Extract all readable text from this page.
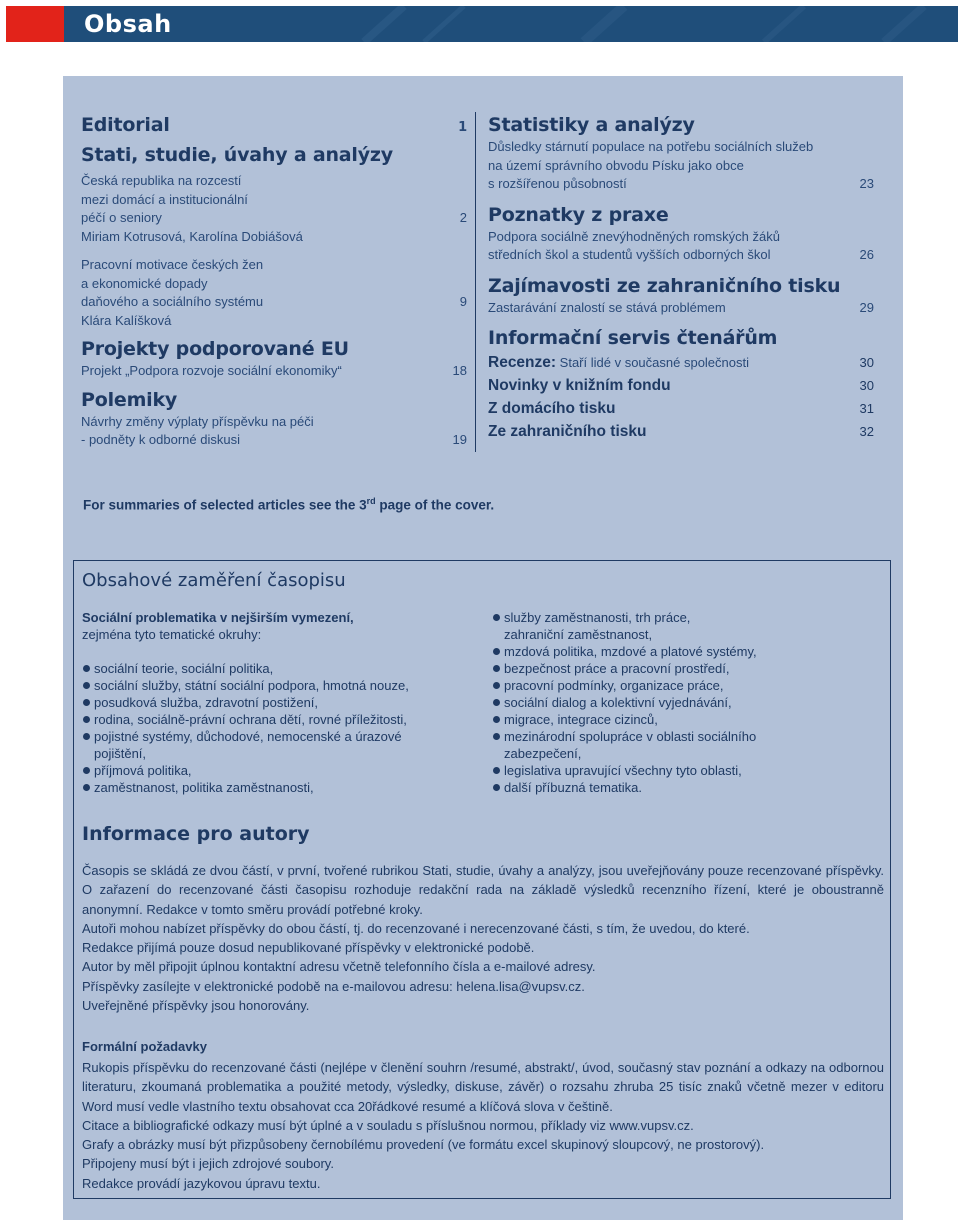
Obsah
Editorial	1
Stati, studie, úvahy a analýzy
Česká republika na rozcestí
mezi domácí a institucionální
péčí o seniory	2
Miriam Kotrusová, Karolína Dobiášová
Pracovní motivace českých žen
a ekonomické dopady
daňového a sociálního systému	9
Klára Kalíšková
Projekty podporované EU
Projekt „Podpora rozvoje sociální ekonomiky“	18
Polemiky
Návrhy změny výplaty příspěvku na péči
- podněty k odborné diskusi	19
Statistiky a analýzy
Důsledky stárnutí populace na potřebu sociálních služeb
na území správního obvodu Písku jako obce
s rozšířenou působností	23
Poznatky z praxe
Podpora sociálně znevýhodněných romských žáků
středních škol a studentů vyšších odborných škol	26
Zajímavosti ze zahraničního tisku
Zastarávání znalostí se stává problémem	29
Informační servis čtenářům
Recenze: Staří lidé v současné společnosti	30
Novinky v knižním fondu	30
Z domácího tisku	31
Ze zahraničního tisku	32
For summaries of selected articles see the 3rd page of the cover.
Obsahové zaměření časopisu
Sociální problematika v nejširším vymezení,
zejména tyto tematické okruhy:
sociální teorie, sociální politika,
sociální služby, státní sociální podpora, hmotná nouze,
posudková služba, zdravotní postižení,
rodina, sociálně-právní ochrana dětí, rovné příležitosti,
pojistné systémy, důchodové, nemocenské a úrazové pojištění,
příjmová politika,
zaměstnanost, politika zaměstnanosti,
služby zaměstnanosti, trh práce, zahraniční zaměstnanost,
mzdová politika, mzdové a platové systémy,
bezpečnost práce a pracovní prostředí,
pracovní podmínky, organizace práce,
sociální dialog a kolektivní vyjednávání,
migrace, integrace cizinců,
mezinárodní spolupráce v oblasti sociálního zabezpečení,
legislativa upravující všechny tyto oblasti,
další příbuzná tematika.
Informace pro autory

Časopis se skládá ze dvou částí, v první, tvořené rubrikou Stati, studie, úvahy a analýzy, jsou uveřejňovány pouze recenzované příspěvky. O zařazení do recenzované části časopisu rozhoduje redakční rada na základě výsledků recenzního řízení, které je oboustranně anonymní. Redakce v tomto směru provádí potřebné kroky.

Autoři mohou nabízet příspěvky do obou částí, tj. do recenzované i nerecenzované části, s tím, že uvedou, do které.

Redakce přijímá pouze dosud nepublikované příspěvky v elektronické podobě.

Autor by měl připojit úplnou kontaktní adresu včetně telefonního čísla a e-mailové adresy.

Příspěvky zasílejte v elektronické podobě na e-mailovou adresu: helena.lisa@vupsv.cz.

Uveřejněné příspěvky jsou honorovány.

Formální požadavky

Rukopis příspěvku do recenzované části (nejlépe v členění souhrn /resumé, abstrakt/, úvod, současný stav poznání a odkazy na odbornou literaturu, zkoumaná problematika a použité metody, výsledky, diskuse, závěr) o rozsahu zhruba 25 tisíc znaků včetně mezer v editoru Word musí vedle vlastního textu obsahovat cca 20řádkové resumé a klíčová slova v češtině.

Citace a bibliografické odkazy musí být úplné a v souladu s příslušnou normou, příklady viz www.vupsv.cz.

Grafy a obrázky musí být přizpůsobeny černobílému provedení (ve formátu excel skupinový sloupcový, ne prostorový).

Připojeny musí být i jejich zdrojové soubory.

Redakce provádí jazykovou úpravu textu.
